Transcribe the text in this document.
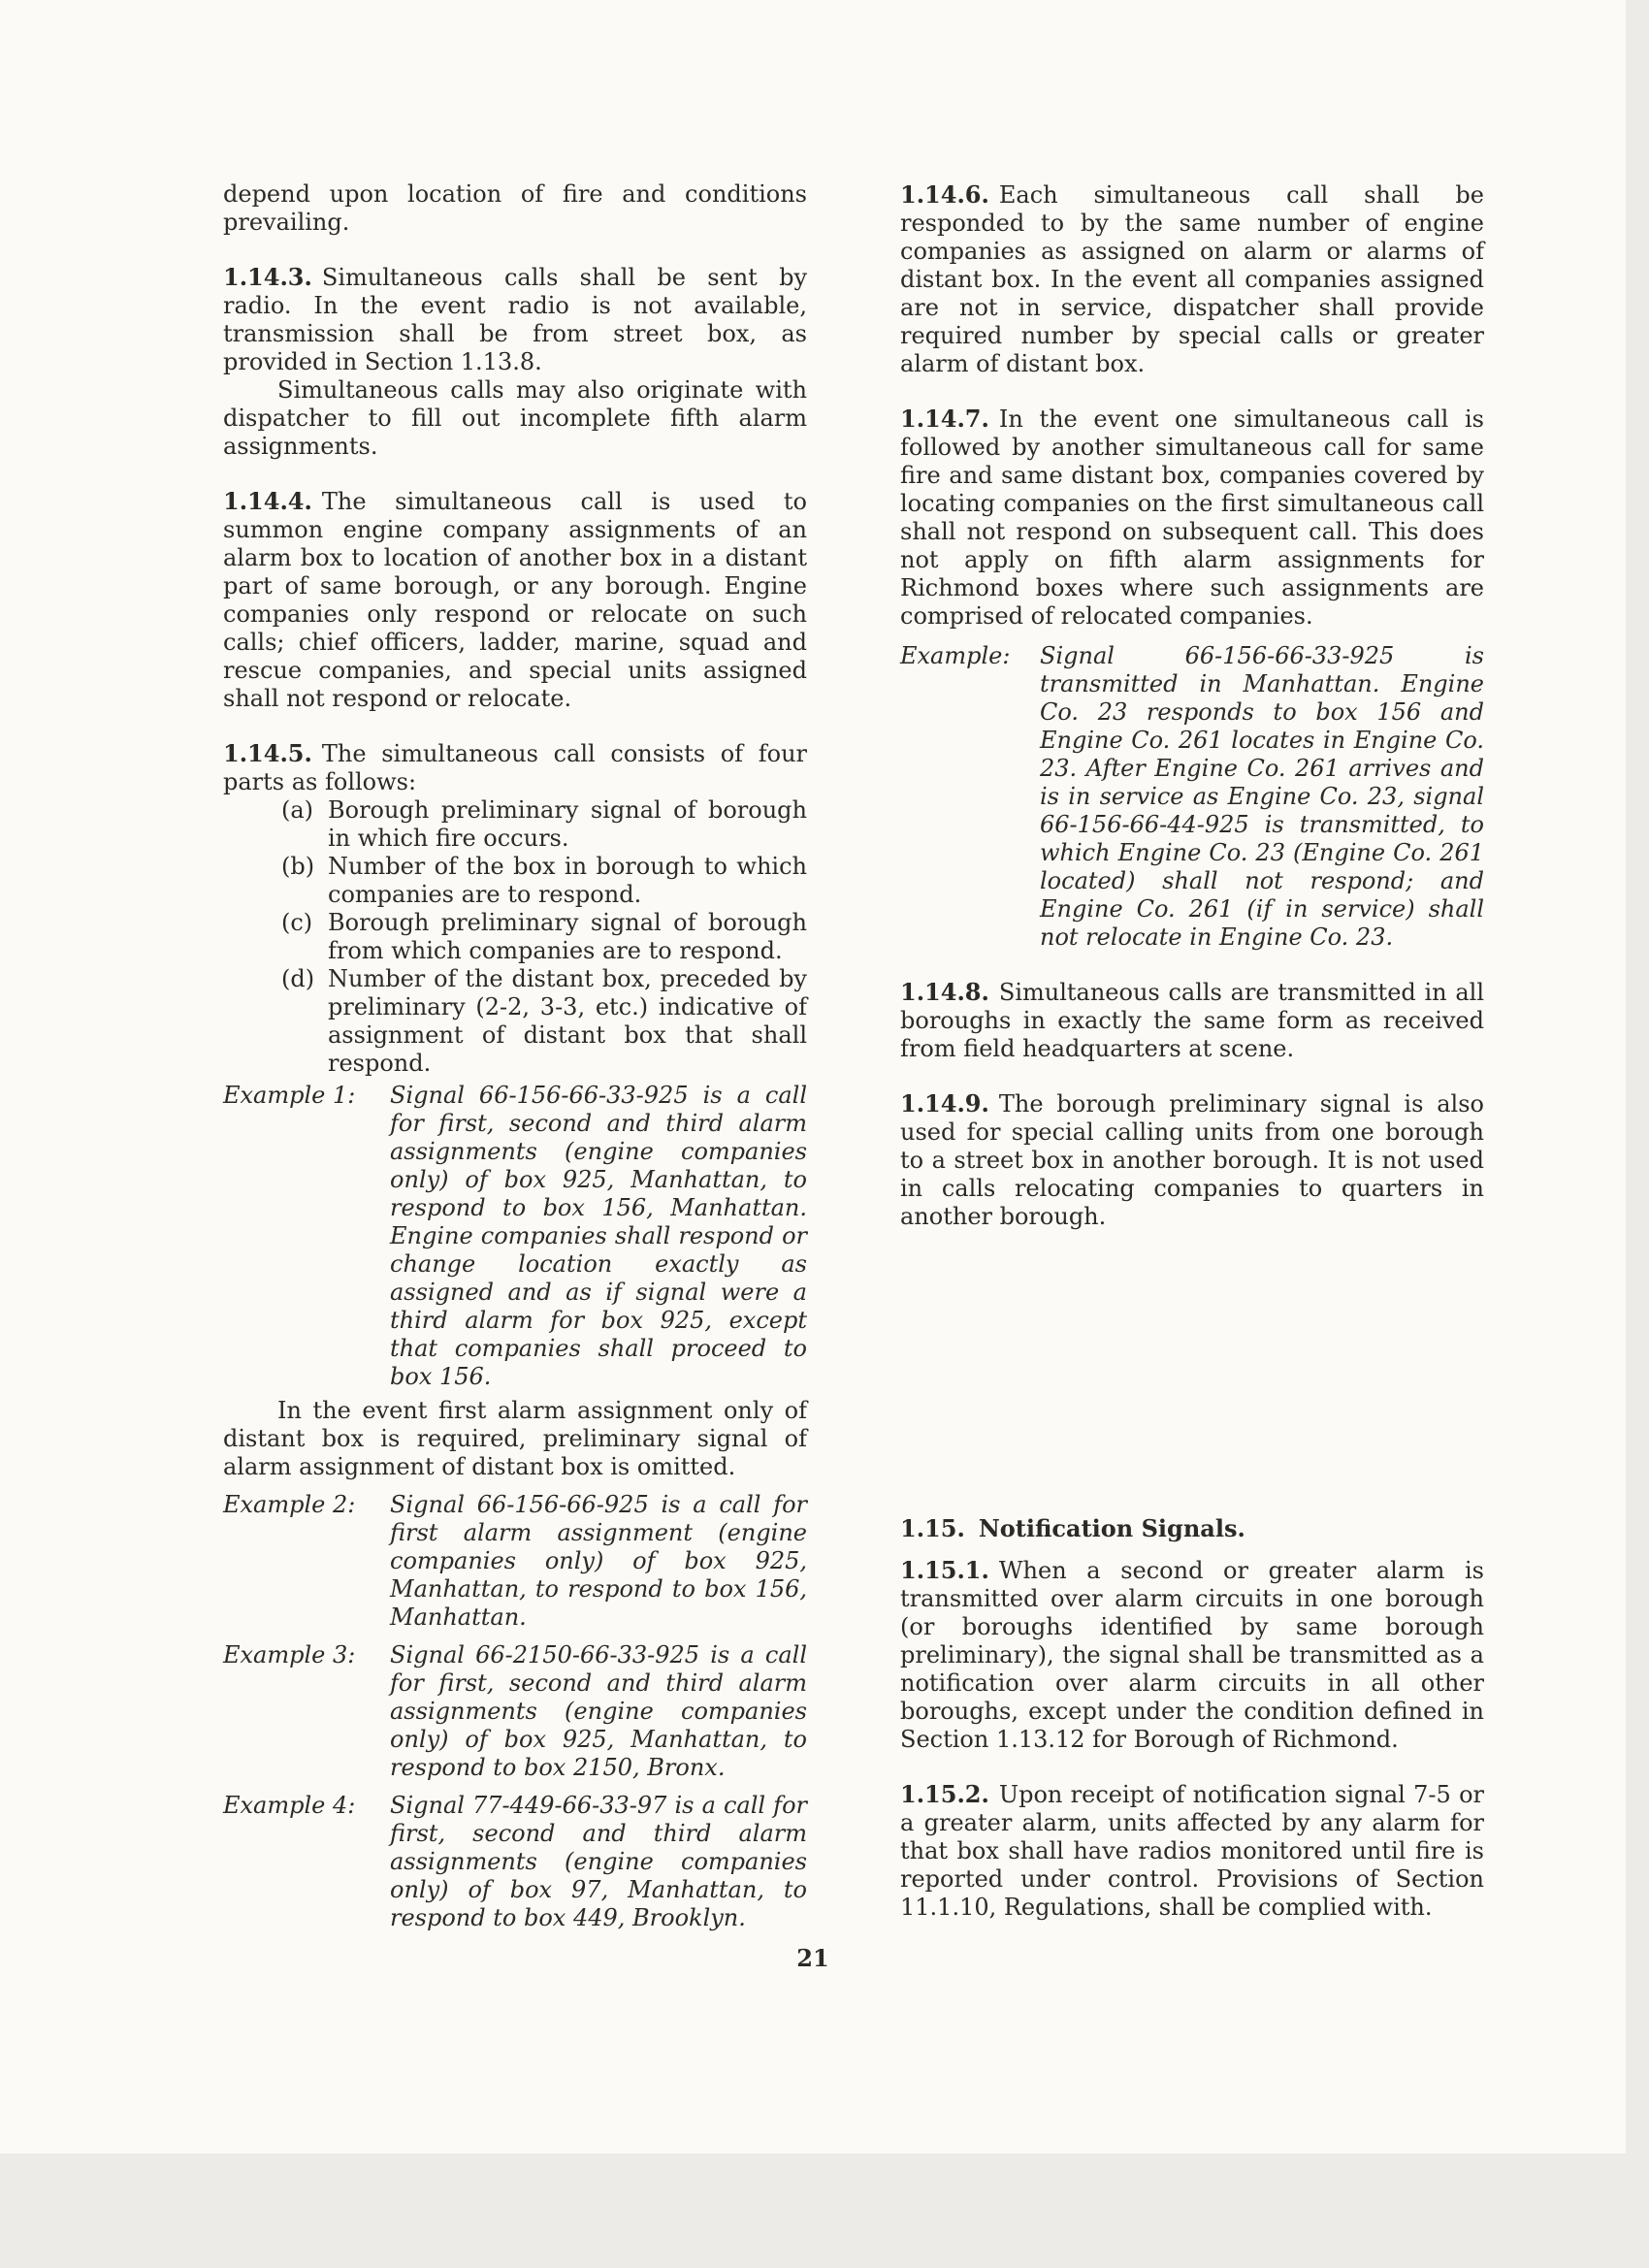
depend upon location of fire and conditions prevailing.

1.14.3. Simultaneous calls shall be sent by radio. In the event radio is not available, transmission shall be from street box, as provided in Section 1.13.8.

Simultaneous calls may also originate with dispatcher to fill out incomplete fifth alarm assignments.

1.14.4. The simultaneous call is used to summon engine company assignments of an alarm box to location of another box in a distant part of same borough, or any borough. Engine companies only respond or relocate on such calls; chief officers, ladder, marine, squad and rescue companies, and special units assigned shall not respond or relocate.

1.14.5. The simultaneous call consists of four parts as follows:

(a) Borough preliminary signal of borough in which fire occurs.
(b) Number of the box in borough to which companies are to respond.
(c) Borough preliminary signal of borough from which companies are to respond.
(d) Number of the distant box, preceded by preliminary (2-2, 3-3, etc.) indicative of assignment of distant box that shall respond.
Example 1:	Signal 66-156-66-33-925 is a call for first, second and third alarm assignments (engine companies only) of box 925, Manhattan, to respond to box 156, Manhattan. Engine companies shall respond or change location exactly as assigned and as if signal were a third alarm for box 925, except that companies shall proceed to box 156.

In the event first alarm assignment only of distant box is required, preliminary signal of alarm assignment of distant box is omitted.

Example 2:	Signal 66-156-66-925 is a call for first alarm assignment (engine companies only) of box 925, Manhattan, to respond to box 156, Manhattan.
Example 3:	Signal 66-2150-66-33-925 is a call for first, second and third alarm assignments (engine companies only) of box 925, Manhattan, to respond to box 2150, Bronx.
Example 4:	Signal 77-449-66-33-97 is a call for first, second and third alarm assignments (engine companies only) of box 97, Manhattan, to respond to box 449, Brooklyn.

1.14.6. Each simultaneous call shall be responded to by the same number of engine companies as assigned on alarm or alarms of distant box. In the event all companies assigned are not in service, dispatcher shall provide required number by special calls or greater alarm of distant box.

1.14.7. In the event one simultaneous call is followed by another simultaneous call for same fire and same distant box, companies covered by locating companies on the first simultaneous call shall not respond on subsequent call. This does not apply on fifth alarm assignments for Richmond boxes where such assignments are comprised of relocated companies.

Example:	Signal 66-156-66-33-925 is transmitted in Manhattan. Engine Co. 23 responds to box 156 and Engine Co. 261 locates in Engine Co. 23. After Engine Co. 261 arrives and is in service as Engine Co. 23, signal 66-156-66-44-925 is transmitted, to which Engine Co. 23 (Engine Co. 261 located) shall not respond; and Engine Co. 261 (if in service) shall not relocate in Engine Co. 23.

1.14.8. Simultaneous calls are transmitted in all boroughs in exactly the same form as received from field headquarters at scene.

1.14.9. The borough preliminary signal is also used for special calling units from one borough to a street box in another borough. It is not used in calls relocating companies to quarters in another borough.

1.15. Notification Signals.

1.15.1. When a second or greater alarm is transmitted over alarm circuits in one borough (or boroughs identified by same borough preliminary), the signal shall be transmitted as a notification over alarm circuits in all other boroughs, except under the condition defined in Section 1.13.12 for Borough of Richmond.

1.15.2. Upon receipt of notification signal 7-5 or a greater alarm, units affected by any alarm for that box shall have radios monitored until fire is reported under control. Provisions of Section 11.1.10, Regulations, shall be complied with.

21
